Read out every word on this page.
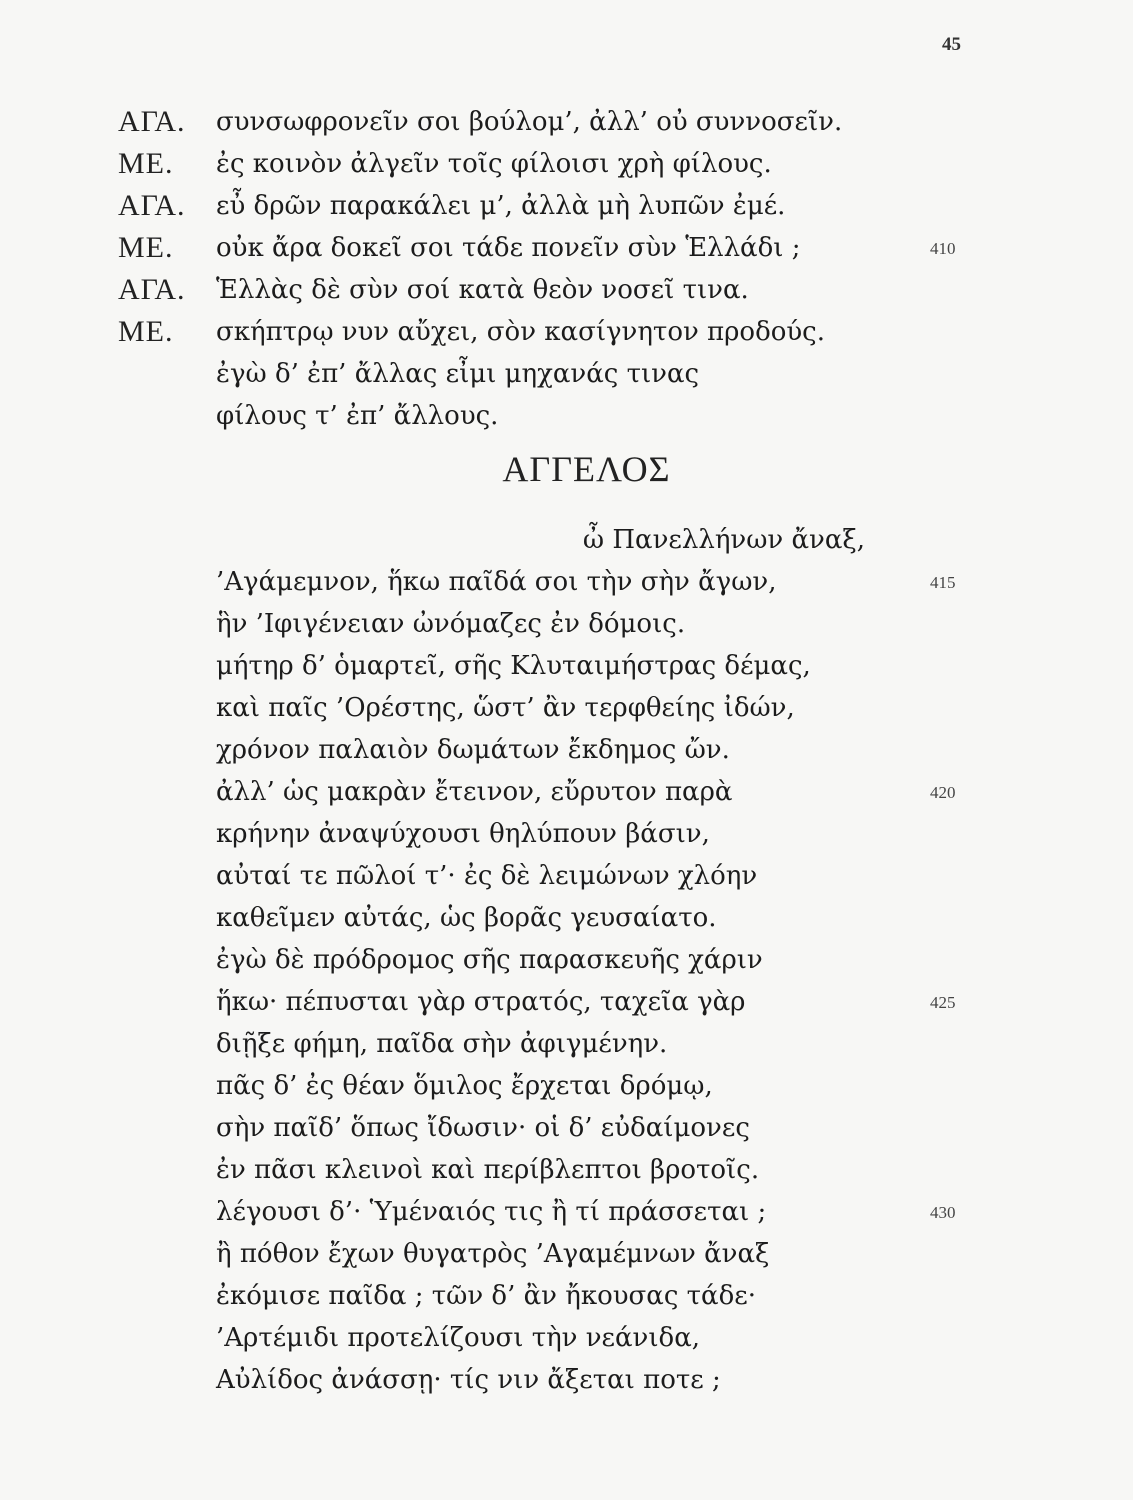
45
ΑΓΑ. συνσωφρονεῖν σοι βούλομ’, ἀλλ’ οὐ συννοσεῖν.
ΜΕ. ἐς κοινὸν ἀλγεῖν τοῖς φίλοισι χρὴ φίλους.
ΑΓΑ. εὖ δρῶν παρακάλει μ’, ἀλλὰ μὴ λυπῶν ἐμέ.
ΜΕ. οὐκ ἄρα δοκεῖ σοι τάδε πονεῖν σὺν Ἑλλάδι ;	410
ΑΓΑ. Ἑλλὰς δὲ σὺν σοί κατὰ θεὸν νοσεῖ τινα.
ΜΕ. σκήπτρῳ νυν αὔχει, σὸν κασίγνητον προδούς.
ἐγὼ δ’ ἐπ’ ἄλλας εἶμι μηχανάς τινας
φίλους τ’ ἐπ’ ἄλλους.
ΑΓΓΕΛΟΣ
ὦ Πανελλήνων ἄναξ,
’Αγάμεμνον, ἥκω παῖδά σοι τὴν σὴν ἄγων,	415
ἣν ’Ιφιγένειαν ὠνόμαζες ἐν δόμοις.
μήτηρ δ’ ὁμαρτεῖ, σῆς Κλυταιμήστρας δέμας,
καὶ παῖς ’Ορέστης, ὥστ’ ἂν τερφθείης ἰδών,
χρόνον παλαιὸν δωμάτων ἔκδημος ὤν.
ἀλλ’ ὡς μακρὰν ἔτεινον, εὔρυτον παρὰ	420
κρήνην ἀναψύχουσι θηλύπουν βάσιν,
αὐταί τε πῶλοί τ’· ἐς δὲ λειμώνων χλόην
καθεῖμεν αὐτάς, ὡς βορᾶς γευσαίατο.
ἐγὼ δὲ πρόδρομος σῆς παρασκευῆς χάριν
ἥκω· πέπυσται γὰρ στρατός, ταχεῖα γὰρ	425
διῇξε φήμη, παῖδα σὴν ἀφιγμένην.
πᾶς δ’ ἐς θέαν ὅμιλος ἔρχεται δρόμῳ,
σὴν παῖδ’ ὅπως ἴδωσιν· οἱ δ’ εὐδαίμονες
ἐν πᾶσι κλεινοὶ καὶ περίβλεπτοι βροτοῖς.
λέγουσι δ’· Ὑμέναιός τις ἢ τί πράσσεται ;	430
ἢ πόθον ἔχων θυγατρὸς ’Αγαμέμνων ἄναξ
ἐκόμισε παῖδα ; τῶν δ’ ἂν ἤκουσας τάδε·
’Αρτέμιδι προτελίζουσι τὴν νεάνιδα,
Αὐλίδος ἀνάσσῃ· τίς νιν ἄξεται ποτε ;
